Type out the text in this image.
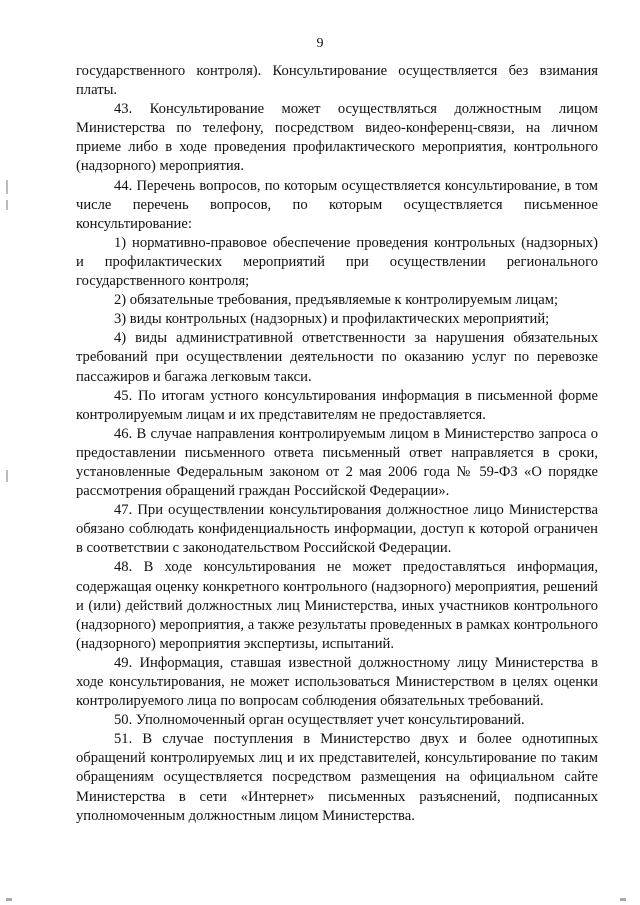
9

государственного контроля). Консультирование осуществляется без взимания платы.

43. Консультирование может осуществляться должностным лицом Министерства по телефону, посредством видео-конференц-связи, на личном приеме либо в ходе проведения профилактического мероприятия, контрольного (надзорного) мероприятия.

44. Перечень вопросов, по которым осуществляется консультирование, в том числе перечень вопросов, по которым осуществляется письменное консультирование:

1) нормативно-правовое обеспечение проведения контрольных (надзорных) и профилактических мероприятий при осуществлении регионального государственного контроля;

2) обязательные требования, предъявляемые к контролируемым лицам;

3) виды контрольных (надзорных) и профилактических мероприятий;

4) виды административной ответственности за нарушения обязательных требований при осуществлении деятельности по оказанию услуг по перевозке пассажиров и багажа легковым такси.

45. По итогам устного консультирования информация в письменной форме контролируемым лицам и их представителям не предоставляется.

46. В случае направления контролируемым лицом в Министерство запроса о предоставлении письменного ответа письменный ответ направляется в сроки, установленные Федеральным законом от 2 мая 2006 года № 59-ФЗ «О порядке рассмотрения обращений граждан Российской Федерации».

47. При осуществлении консультирования должностное лицо Министерства обязано соблюдать конфиденциальность информации, доступ к которой ограничен в соответствии с законодательством Российской Федерации.

48. В ходе консультирования не может предоставляться информация, содержащая оценку конкретного контрольного (надзорного) мероприятия, решений и (или) действий должностных лиц Министерства, иных участников контрольного (надзорного) мероприятия, а также результаты проведенных в рамках контрольного (надзорного) мероприятия экспертизы, испытаний.

49. Информация, ставшая известной должностному лицу Министерства в ходе консультирования, не может использоваться Министерством в целях оценки контролируемого лица по вопросам соблюдения обязательных требований.

50. Уполномоченный орган осуществляет учет консультирований.

51. В случае поступления в Министерство двух и более однотипных обращений контролируемых лиц и их представителей, консультирование по таким обращениям осуществляется посредством размещения на официальном сайте Министерства в сети «Интернет» письменных разъяснений, подписанных уполномоченным должностным лицом Министерства.
